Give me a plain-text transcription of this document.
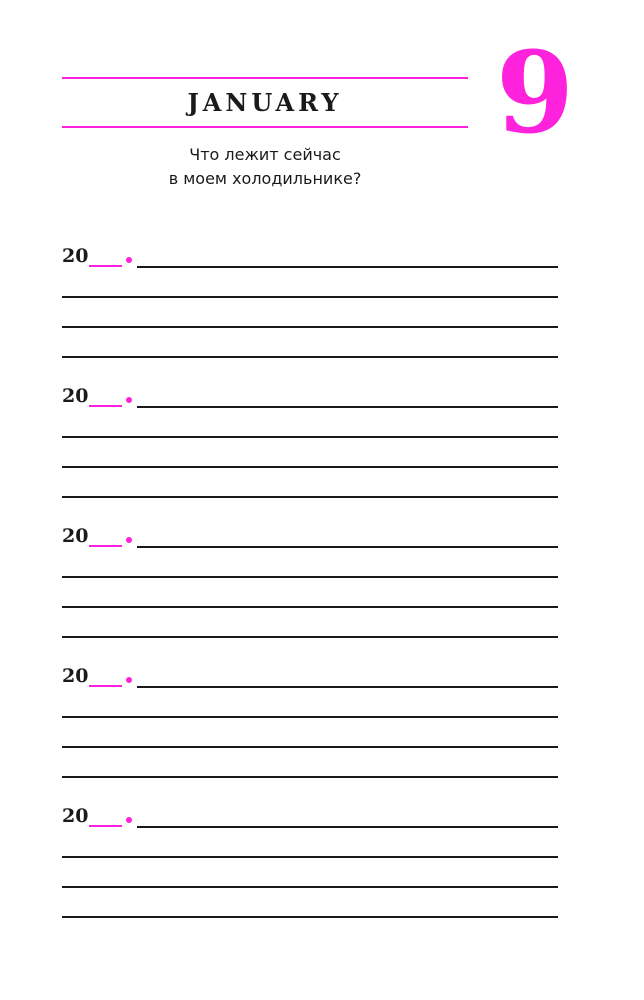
JANUARY	9
Что лежит сейчас
в моем холодильнике?
20
20
20
20
20
